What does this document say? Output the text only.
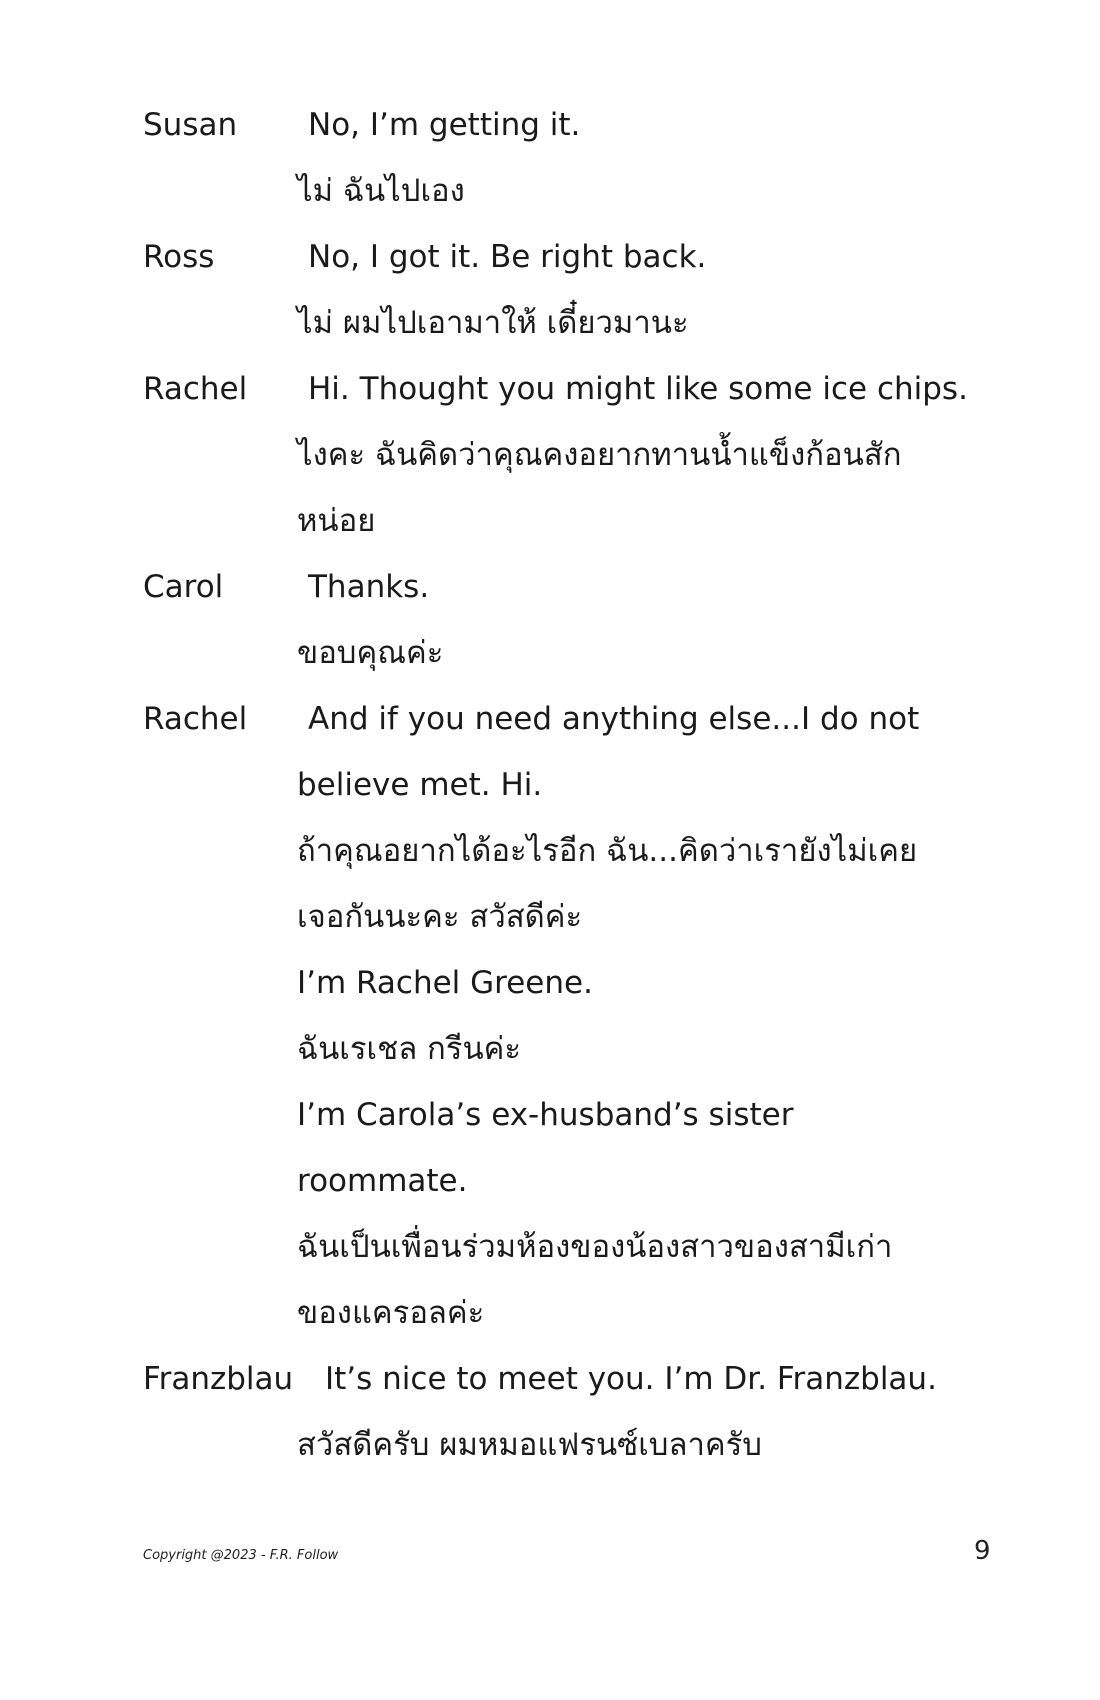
Susan No, I’m getting it.
ไม่ ฉันไปเอง
Ross	No, I got it. Be right back.
ไม่ ผมไปเอามาให้ เดี๋ยวมานะ
Rachel Hi. Thought you might like some ice chips.
ไงคะ ฉันคิดว่าคุณคงอยากทานน้ำแข็งก้อนสัก
หน่อย
Carol	Thanks.
ขอบคุณค่ะ
Rachel And if you need anything else...I do not
believe met. Hi.
ถ้าคุณอยากได้อะไรอีก ฉัน...คิดว่าเรายังไม่เคย
เจอกันนะคะ สวัสดีค่ะ
I’m Rachel Greene.
ฉันเรเชล กรีนค่ะ
I’m Carola’s ex-husband’s sister
roommate.
ฉันเป็นเพื่อนร่วมห้องของน้องสาวของสามีเก่า
ของแครอลค่ะ
Franzblau It’s nice to meet you. I’m Dr. Franzblau.
สวัสดีครับ ผมหมอแฟรนซ์เบลาครับ
Copyright @2023 - F.R. Follow	9
